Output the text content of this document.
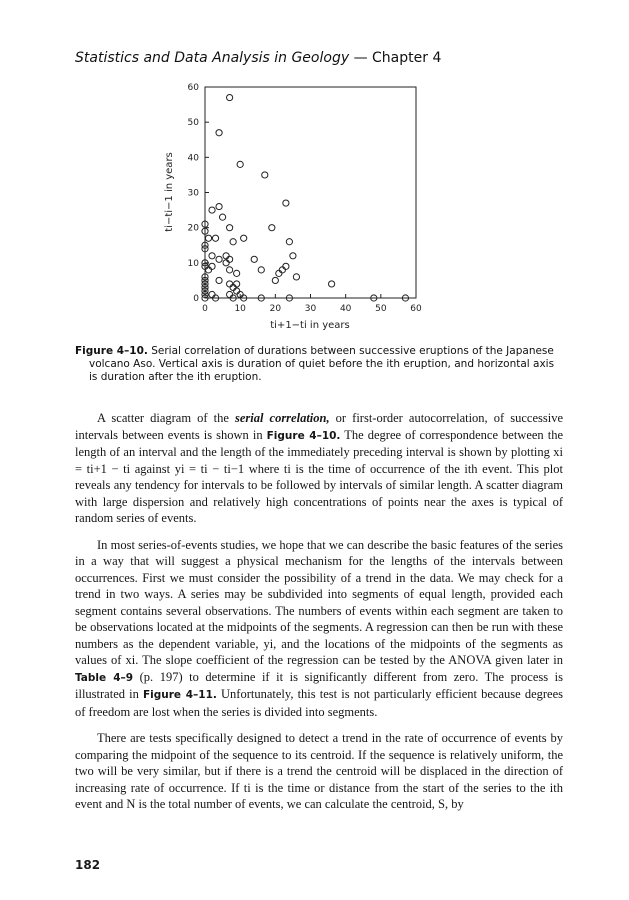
Statistics and Data Analysis in Geology — Chapter 4
0	10	20	30	40	50	60
0
10
20
30
40
50
60
ti−ti−1 in years
ti+1−ti in years
Figure 4–10. Serial correlation of durations between successive eruptions of the Japanese
volcano Aso. Vertical axis is duration of quiet before the ith eruption, and horizontal axis is duration after the ith eruption.

A scatter diagram of the serial correlation, or first-order autocorrelation, of successive intervals between events is shown in Figure 4–10. The degree of correspondence between the length of an interval and the length of the immediately preceding interval is shown by plotting xi = ti+1 − ti against yi = ti − ti−1 where ti is the time of occurrence of the ith event. This plot reveals any tendency for intervals to be followed by intervals of similar length. A scatter diagram with large dispersion and relatively high concentrations of points near the axes is typical of random series of events.

In most series-of-events studies, we hope that we can describe the basic features of the series in a way that will suggest a physical mechanism for the lengths of the intervals between occurrences. First we must consider the possibility of a trend in the data. We may check for a trend in two ways. A series may be subdivided into segments of equal length, provided each segment contains several observations. The numbers of events within each segment are taken to be observations located at the midpoints of the segments. A regression can then be run with these numbers as the dependent variable, yi, and the locations of the midpoints of the segments as values of xi. The slope coefficient of the regression can be tested by the ANOVA given later in Table 4–9 (p. 197) to determine if it is significantly different from zero. The process is illustrated in Figure 4–11. Unfortunately, this test is not particularly efficient because degrees of freedom are lost when the series is divided into segments.

There are tests specifically designed to detect a trend in the rate of occurrence of events by comparing the midpoint of the sequence to its centroid. If the sequence is relatively uniform, the two will be very similar, but if there is a trend the centroid will be displaced in the direction of increasing rate of occurrence. If ti is the time or distance from the start of the series to the ith event and N is the total number of events, we can calculate the centroid, S, by

182
